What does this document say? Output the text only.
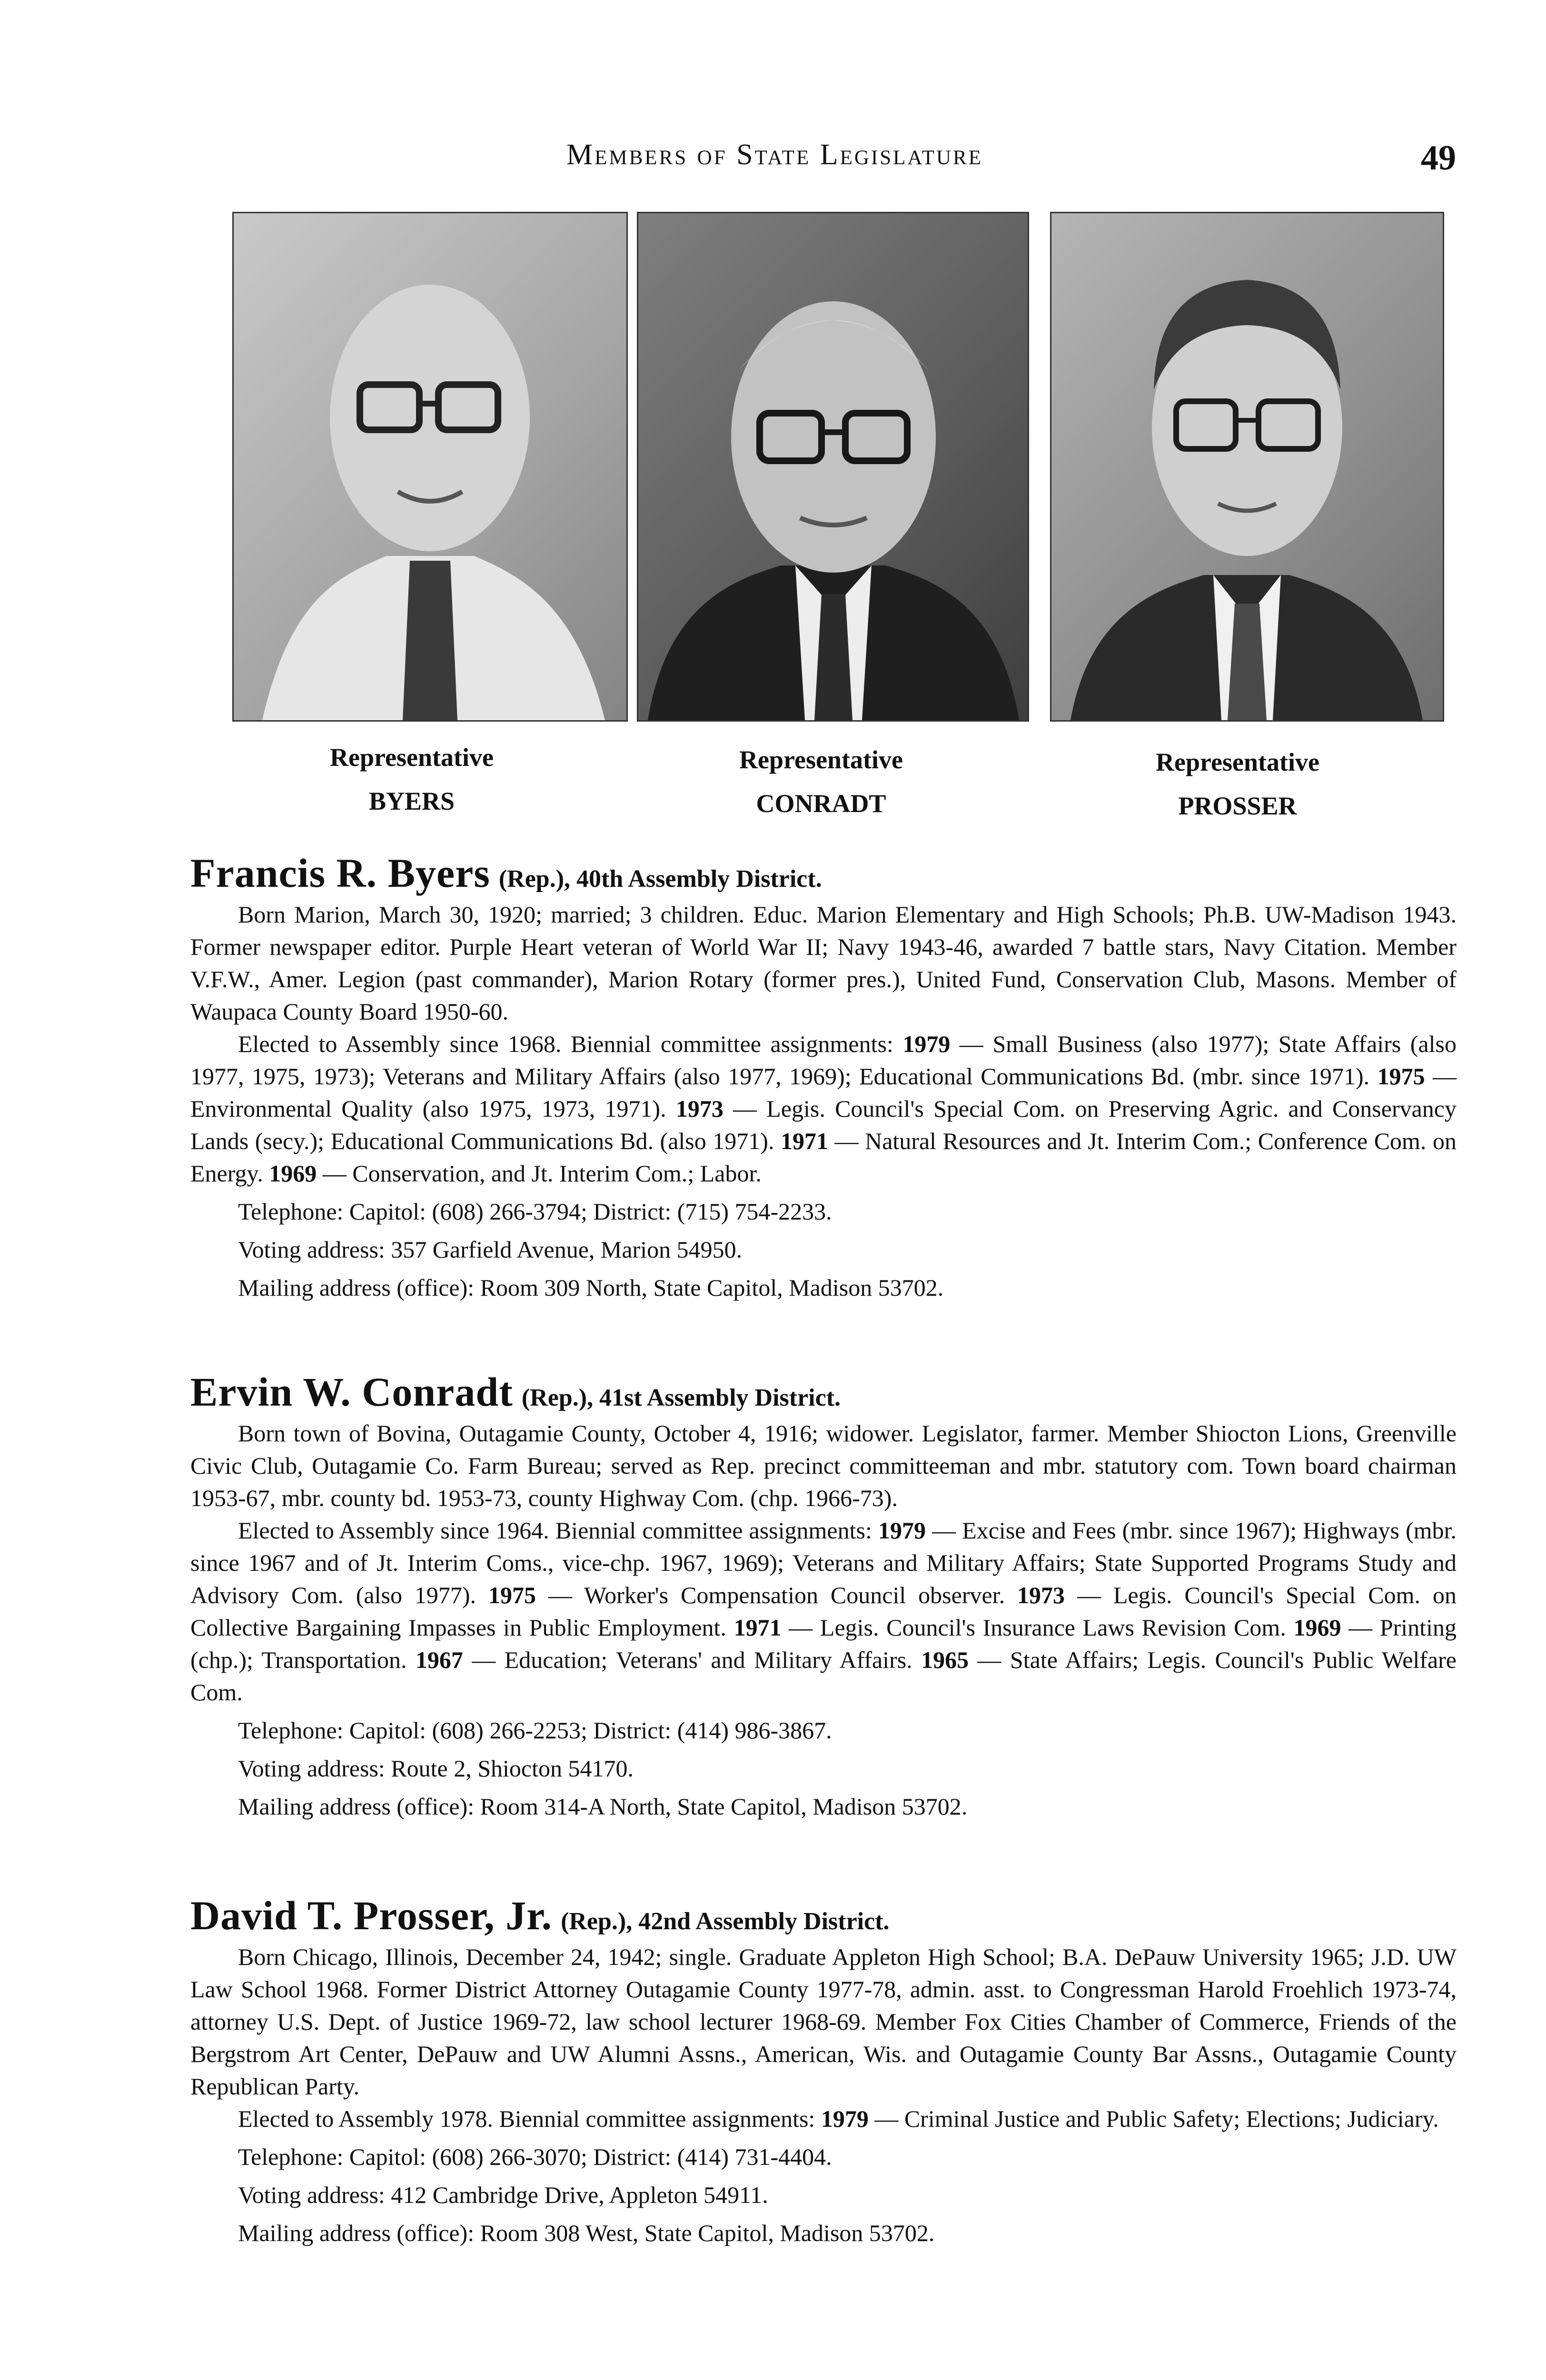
Members of State Legislature	49
Representative
BYERS
Representative
CONRADT
Representative
PROSSER

Francis R. Byers (Rep.), 40th Assembly District.

Born Marion, March 30, 1920; married; 3 children. Educ. Marion Elementary and High Schools; Ph.B. UW-Madison 1943. Former newspaper editor. Purple Heart veteran of World War II; Navy 1943-46, awarded 7 battle stars, Navy Citation. Member V.F.W., Amer. Legion (past commander), Marion Rotary (former pres.), United Fund, Conservation Club, Masons. Member of Waupaca County Board 1950-60.

Elected to Assembly since 1968. Biennial committee assignments: 1979 — Small Business (also 1977); State Affairs (also 1977, 1975, 1973); Veterans and Military Affairs (also 1977, 1969); Educational Communications Bd. (mbr. since 1971). 1975 — Environmental Quality (also 1975, 1973, 1971). 1973 — Legis. Council's Special Com. on Preserving Agric. and Conservancy Lands (secy.); Educational Communications Bd. (also 1971). 1971 — Natural Resources and Jt. Interim Com.; Conference Com. on Energy. 1969 — Conservation, and Jt. Interim Com.; Labor.

Telephone: Capitol: (608) 266-3794; District: (715) 754-2233.

Voting address: 357 Garfield Avenue, Marion 54950.

Mailing address (office): Room 309 North, State Capitol, Madison 53702.

Ervin W. Conradt (Rep.), 41st Assembly District.

Born town of Bovina, Outagamie County, October 4, 1916; widower. Legislator, farmer. Member Shiocton Lions, Greenville Civic Club, Outagamie Co. Farm Bureau; served as Rep. precinct committeeman and mbr. statutory com. Town board chairman 1953-67, mbr. county bd. 1953-73, county Highway Com. (chp. 1966-73).

Elected to Assembly since 1964. Biennial committee assignments: 1979 — Excise and Fees (mbr. since 1967); Highways (mbr. since 1967 and of Jt. Interim Coms., vice-chp. 1967, 1969); Veterans and Military Affairs; State Supported Programs Study and Advisory Com. (also 1977). 1975 — Worker's Compensation Council observer. 1973 — Legis. Council's Special Com. on Collective Bargaining Impasses in Public Employment. 1971 — Legis. Council's Insurance Laws Revision Com. 1969 — Printing (chp.); Transportation. 1967 — Education; Veterans' and Military Affairs. 1965 — State Affairs; Legis. Council's Public Welfare Com.

Telephone: Capitol: (608) 266-2253; District: (414) 986-3867.

Voting address: Route 2, Shiocton 54170.

Mailing address (office): Room 314-A North, State Capitol, Madison 53702.

David T. Prosser, Jr. (Rep.), 42nd Assembly District.

Born Chicago, Illinois, December 24, 1942; single. Graduate Appleton High School; B.A. DePauw University 1965; J.D. UW Law School 1968. Former District Attorney Outagamie County 1977-78, admin. asst. to Congressman Harold Froehlich 1973-74, attorney U.S. Dept. of Justice 1969-72, law school lecturer 1968-69. Member Fox Cities Chamber of Commerce, Friends of the Bergstrom Art Center, DePauw and UW Alumni Assns., American, Wis. and Outagamie County Bar Assns., Outagamie County Republican Party.

Elected to Assembly 1978. Biennial committee assignments: 1979 — Criminal Justice and Public Safety; Elections; Judiciary.

Telephone: Capitol: (608) 266-3070; District: (414) 731-4404.

Voting address: 412 Cambridge Drive, Appleton 54911.

Mailing address (office): Room 308 West, State Capitol, Madison 53702.
